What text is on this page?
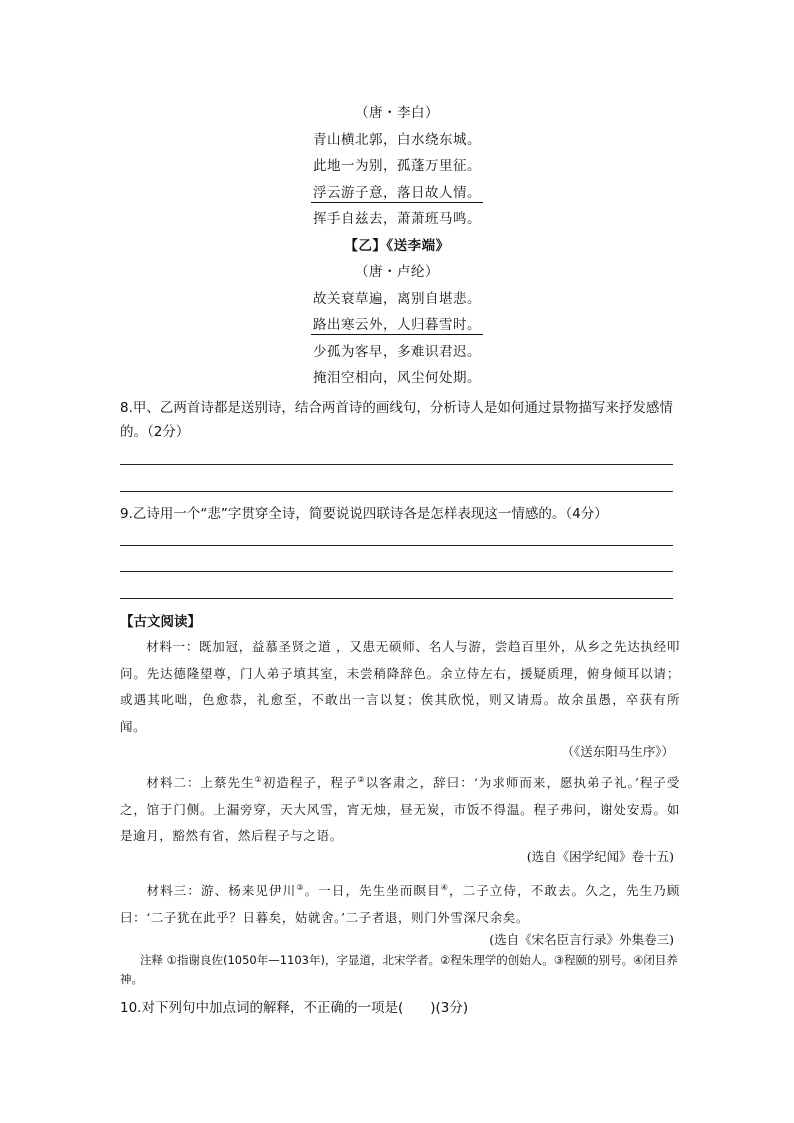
（唐・李白）
青山横北郭，白水绕东城。
此地一为别，孤蓬万里征。
浮云游子意，落日故人情。
挥手自兹去，萧萧班马鸣。
【乙】《送李端》
（唐・卢纶）
故关衰草遍，离别自堪悲。
路出寒云外，人归暮雪时。
少孤为客早，多难识君迟。
掩泪空相向，风尘何处期。
8.甲、乙两首诗都是送别诗，结合两首诗的画线句，分析诗人是如何通过景物描写来抒发感情的。（2分）
9.乙诗用一个“悲”字贯穿全诗，简要说说四联诗各是怎样表现这一情感的。（4分）
【古文阅读】
材料一：既加冠，益慕圣贤之道 ，又患无硕师、名人与游，尝趋百里外，从乡之先达执经叩问。先达德隆望尊，门人弟子填其室，未尝稍降辞色。余立侍左右，援疑质理，俯身倾耳以请；或遇其叱咄，色愈恭，礼愈至，不敢出一言以复；俟其欣悦，则又请焉。故余虽愚，卒获有所闻。
（《送东阳马生序》）
材料二：上蔡先生①初造程子，程子②以客肃之，辞曰：‘为求师而来，愿执弟子礼。’程子受之，馆于门侧。上漏旁穿，天大风雪，宵无烛，昼无炭，市饭不得温。程子弗问，谢处安焉。如是逾月，豁然有省，然后程子与之语。
(选自《困学纪闻》卷十五)
材料三：游、杨来见伊川③。一日，先生坐而瞑目④，二子立侍，不敢去。久之，先生乃顾曰：‘二子犹在此乎？日暮矣，姑就舍。’二子者退，则门外雪深尺余矣。
(选自《宋名臣言行录》外集卷三)
注释 ①指谢良佐(1050年—1103年)，字显道，北宋学者。②程朱理学的创始人。③程颐的别号。④闭目养神。
10.对下列句中加点词的解释，不正确的一项是(　　)(3分)
